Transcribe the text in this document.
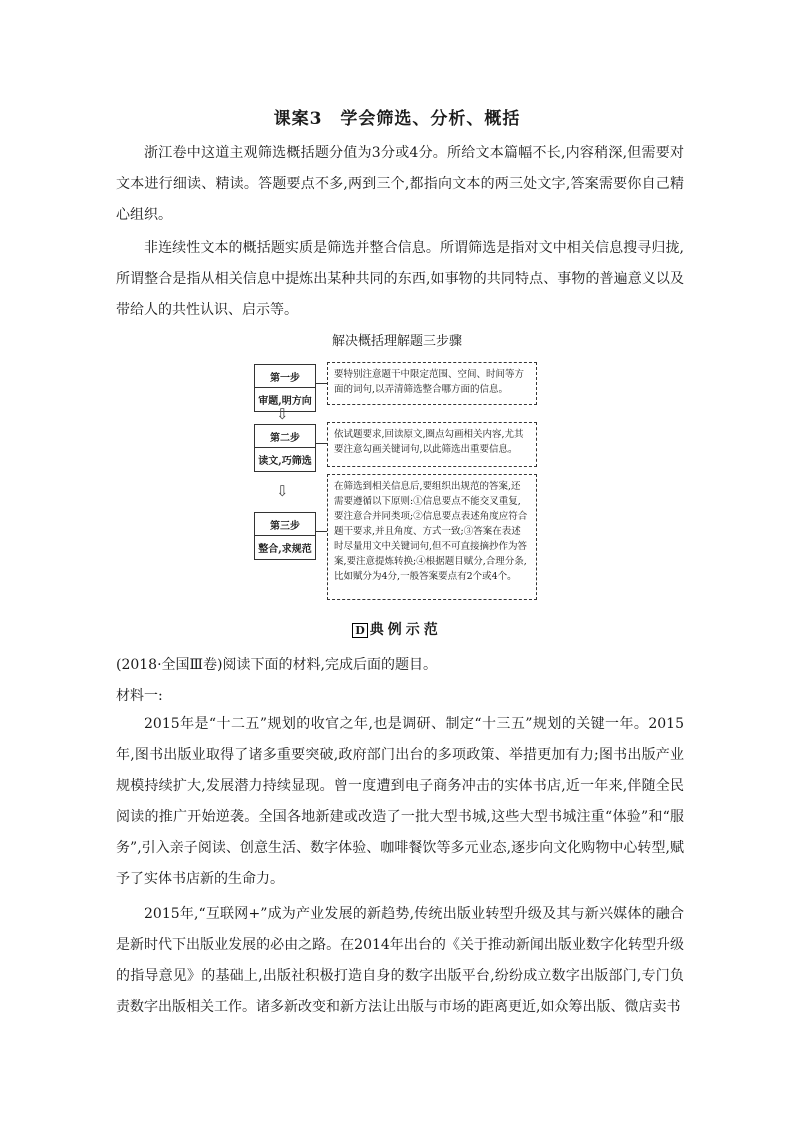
课案3　学会筛选、分析、概括

浙江卷中这道主观筛选概括题分值为3分或4分。所给文本篇幅不长,内容稍深,但需要对文本进行细读、精读。答题要点不多,两到三个,都指向文本的两三处文字,答案需要你自己精心组织。

非连续性文本的概括题实质是筛选并整合信息。所谓筛选是指对文中相关信息搜寻归拢,所谓整合是指从相关信息中提炼出某种共同的东西,如事物的共同特点、事物的普遍意义以及带给人的共性认识、启示等。

解决概括理解题三步骤
第一步
审题,明方向
要特别注意题干中限定范围、空间、时间等方面的词句,以弄清筛选整合哪方面的信息。
⇩
第二步
读文,巧筛选
依试题要求,回读原文,圈点勾画相关内容,尤其要注意勾画关键词句,以此筛选出重要信息。
⇩
第三步
整合,求规范
在筛选到相关信息后,要组织出规范的答案,还需要遵循以下原则:①信息要点不能交叉重复,要注意合并同类项;②信息要点表述角度应符合题干要求,并且角度、方式一致;③答案在表述时尽量用文中关键词句,但不可直接摘抄作为答案,要注意提炼转换;④根据题目赋分,合理分条,比如赋分为4分,一般答案要点有2个或4个。
D 典例示范
(2018·全国Ⅲ卷)阅读下面的材料,完成后面的题目。
材料一:

2015年是“十二五”规划的收官之年,也是调研、制定“十三五”规划的关键一年。2015年,图书出版业取得了诸多重要突破,政府部门出台的多项政策、举措更加有力;图书出版产业规模持续扩大,发展潜力持续显现。曾一度遭到电子商务冲击的实体书店,近一年来,伴随全民阅读的推广开始逆袭。全国各地新建或改造了一批大型书城,这些大型书城注重“体验”和“服务”,引入亲子阅读、创意生活、数字体验、咖啡餐饮等多元业态,逐步向文化购物中心转型,赋予了实体书店新的生命力。

2015年,“互联网+”成为产业发展的新趋势,传统出版业转型升级及其与新兴媒体的融合是新时代下出版业发展的必由之路。在2014年出台的《关于推动新闻出版业数字化转型升级的指导意见》的基础上,出版社积极打造自身的数字出版平台,纷纷成立数字出版部门,专门负责数字出版相关工作。诸多新改变和新方法让出版与市场的距离更近,如众筹出版、微店卖书
